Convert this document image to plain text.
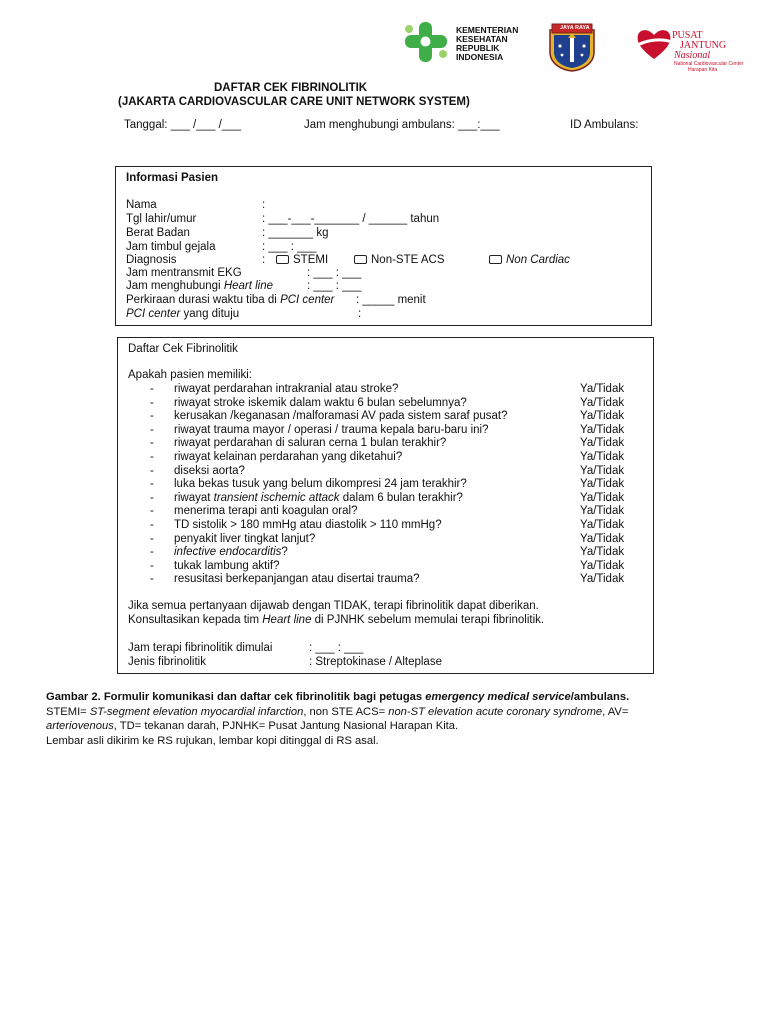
KEMENTERIAN
KESEHATAN
REPUBLIK
INDONESIA
JAYA RAYA
PUSAT
JANTUNG
Nasional
National Cardiovascular Center
Harapan Kita
DAFTAR CEK FIBRINOLITIK
(JAKARTA CARDIOVASCULAR CARE UNIT NETWORK SYSTEM)
Tanggal: ___ /___ /___	Jam menghubungi ambulans: ___:___	ID Ambulans:
Informasi Pasien
Nama	:
Tgl lahir/umur	: ___-___-_______ / ______ tahun
Berat Badan	: _______ kg
Jam timbul gejala	: ___ : ___
Diagnosis	:	STEMI	Non-STE ACS	Non Cardiac
Jam mentransmit EKG	: ___ : ___
Jam menghubungi Heart line	: ___ : ___
Perkiraan durasi waktu tiba di PCI center : _____ menit
PCI center yang dituju	:
Daftar Cek Fibrinolitik
Apakah pasien memiliki:
- riwayat perdarahan intrakranial atau stroke?	Ya/Tidak
- riwayat stroke iskemik dalam waktu 6 bulan sebelumnya?	Ya/Tidak
- kerusakan /keganasan /malforamasi AV pada sistem saraf pusat?	Ya/Tidak
- riwayat trauma mayor / operasi / trauma kepala baru-baru ini?	Ya/Tidak
- riwayat perdarahan di saluran cerna 1 bulan terakhir?	Ya/Tidak
- riwayat kelainan perdarahan yang diketahui?	Ya/Tidak
- diseksi aorta?	Ya/Tidak
- luka bekas tusuk yang belum dikompresi 24 jam terakhir?	Ya/Tidak
- riwayat transient ischemic attack dalam 6 bulan terakhir?	Ya/Tidak
- menerima terapi anti koagulan oral?	Ya/Tidak
- TD sistolik > 180 mmHg atau diastolik > 110 mmHg?	Ya/Tidak
- penyakit liver tingkat lanjut?	Ya/Tidak
- infective endocarditis?	Ya/Tidak
- tukak lambung aktif?	Ya/Tidak
- resusitasi berkepanjangan atau disertai trauma?	Ya/Tidak
Jika semua pertanyaan dijawab dengan TIDAK, terapi fibrinolitik dapat diberikan.
Konsultasikan kepada tim Heart line di PJNHK sebelum memulai terapi fibrinolitik.
Jam terapi fibrinolitik dimulai	: ___ : ___
Jenis fibrinolitik	: Streptokinase / Alteplase
Gambar 2. Formulir komunikasi dan daftar cek fibrinolitik bagi petugas emergency medical service/ambulans.
STEMI= ST-segment elevation myocardial infarction, non STE ACS= non-ST elevation acute coronary syndrome, AV=
arteriovenous, TD= tekanan darah, PJNHK= Pusat Jantung Nasional Harapan Kita.
Lembar asli dikirim ke RS rujukan, lembar kopi ditinggal di RS asal.
